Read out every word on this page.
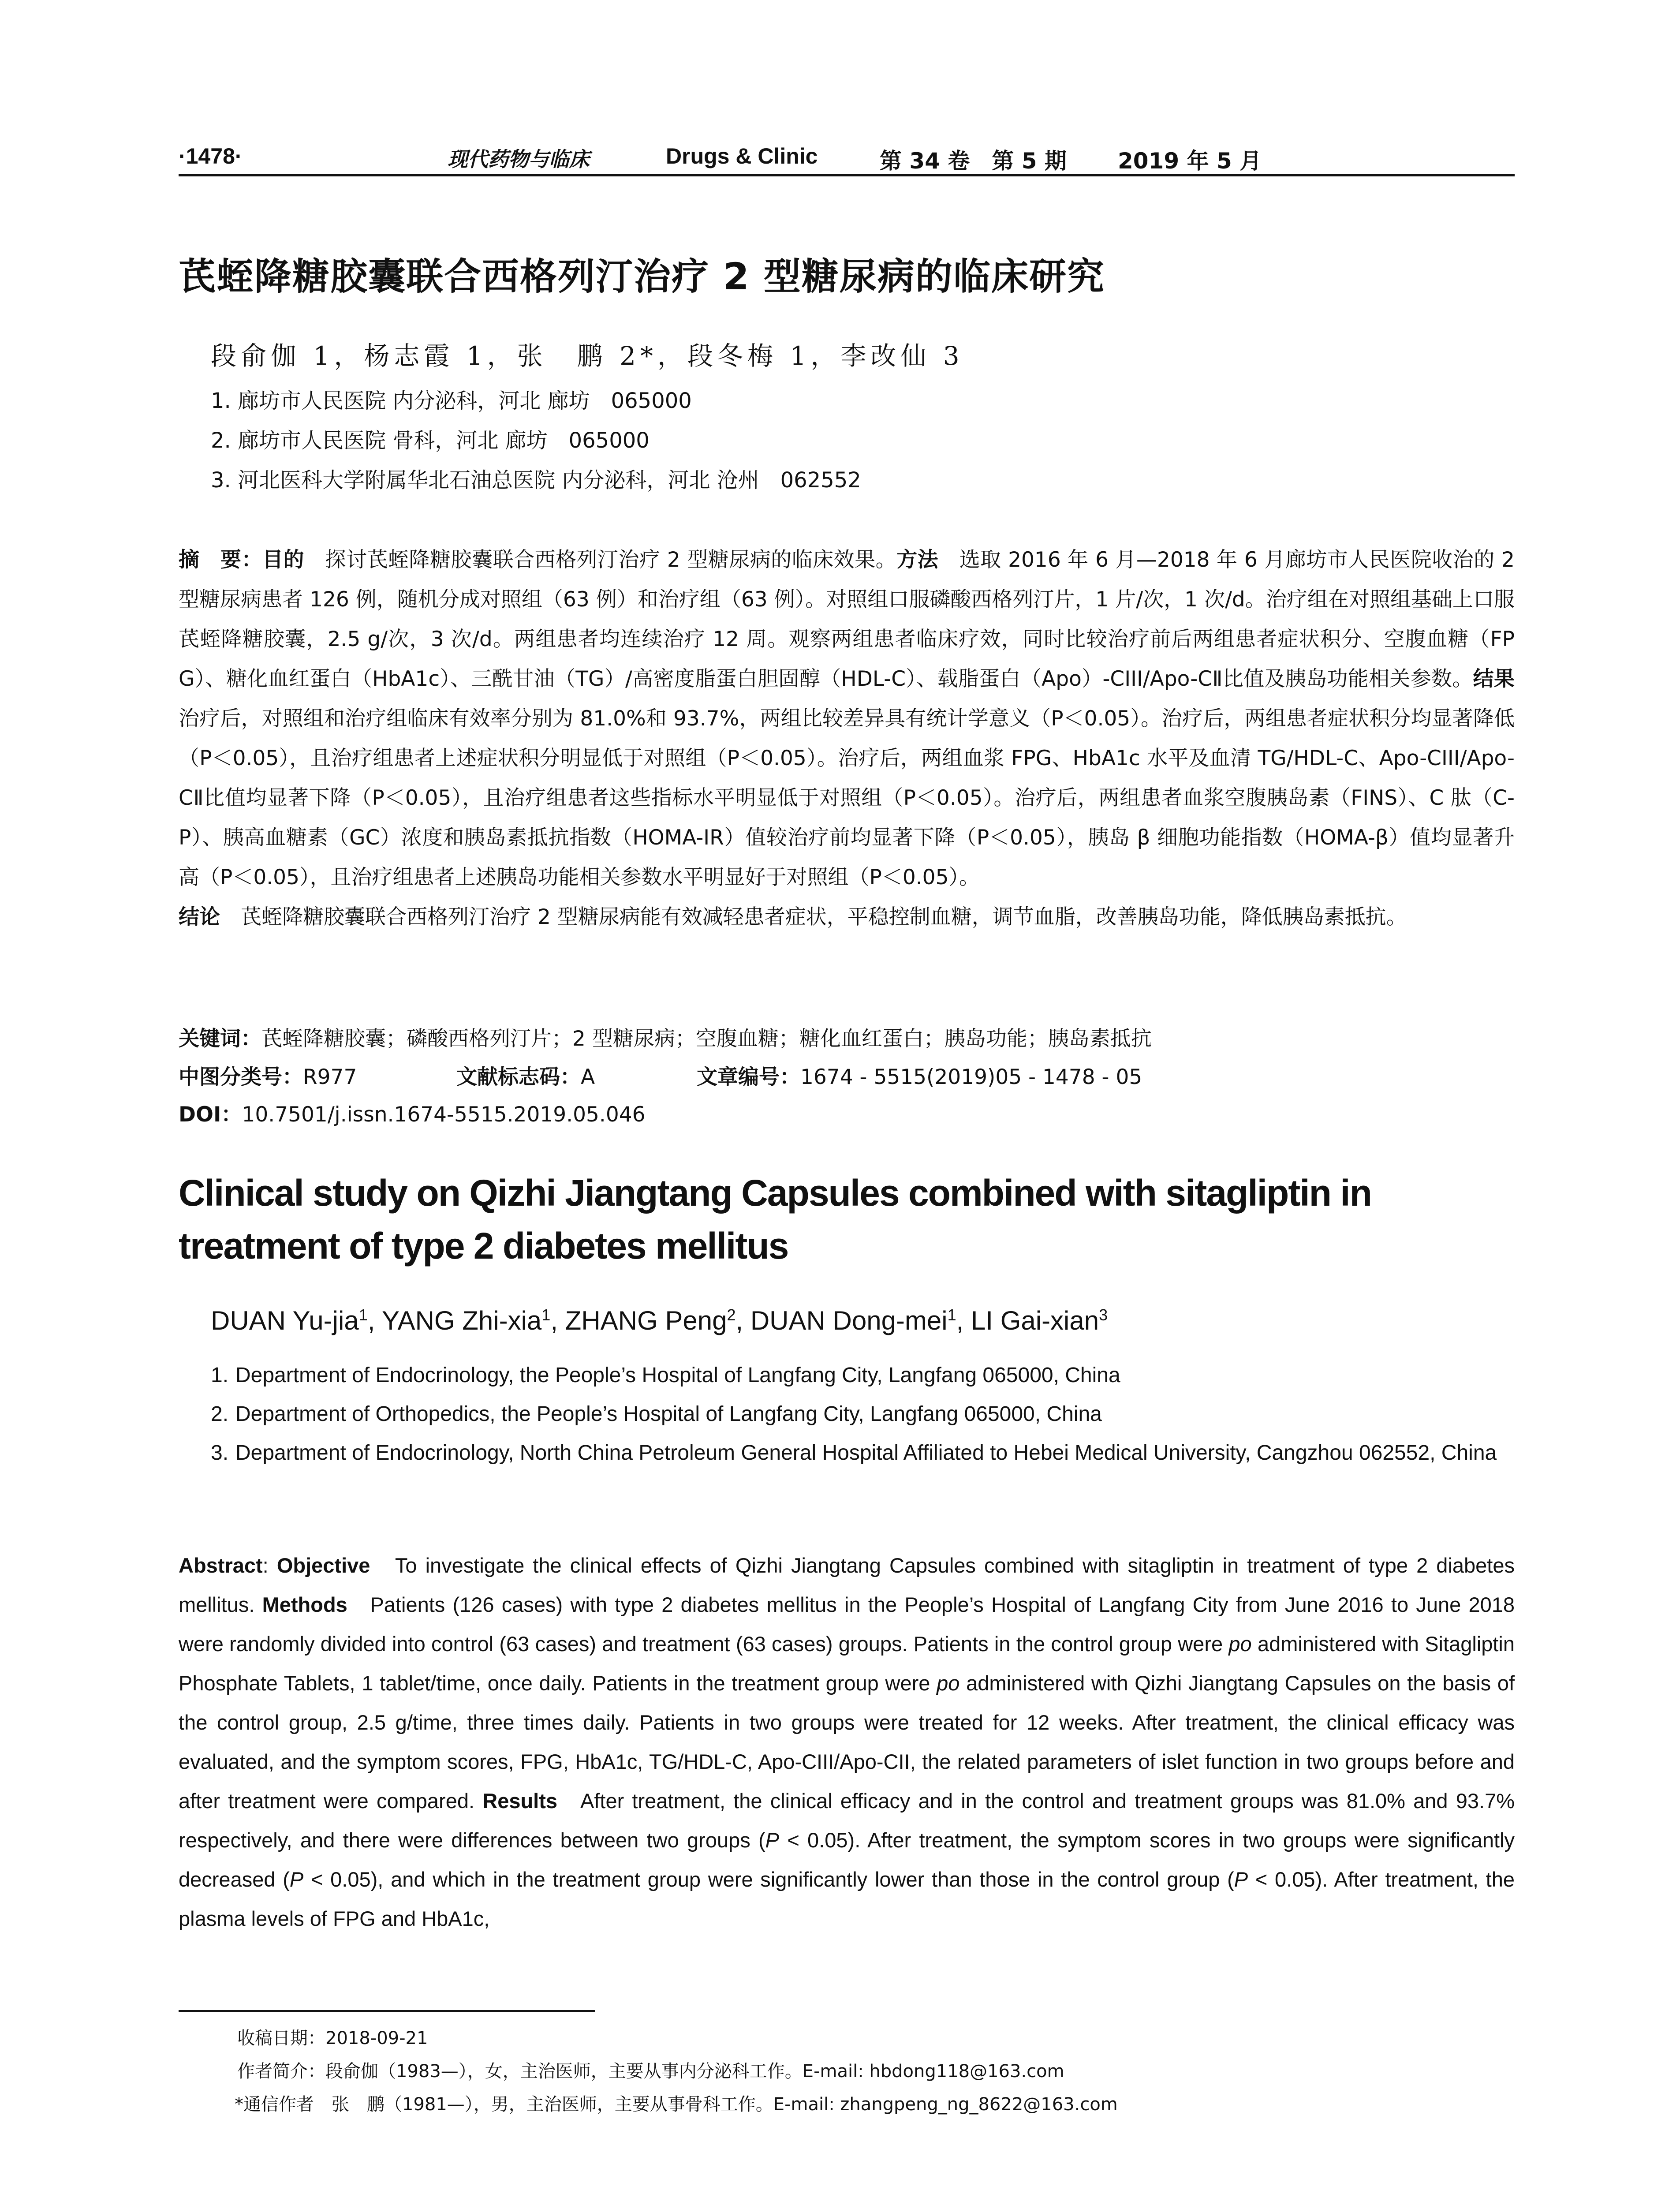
·1478·	现代药物与临床	Drugs & Clinic	第 34 卷　第 5 期 2019 年 5 月
芪蛭降糖胶囊联合西格列汀治疗 2 型糖尿病的临床研究
段俞伽 1，杨志霞 1，张　鹏 2*，段冬梅 1，李改仙 3
1. 廊坊市人民医院 内分泌科，河北 廊坊　065000
2. 廊坊市人民医院 骨科，河北 廊坊　065000
3. 河北医科大学附属华北石油总医院 内分泌科，河北 沧州　062552

摘　要：目的　 探讨芪蛭降糖胶囊联合西格列汀治疗 2 型糖尿病的临床效果。方法　 选取 2016 年 6 月—2018 年 6 月廊坊市人民医院收治的 2 型糖尿病患者 126 例，随机分成对照组（63 例）和治疗组（63 例）。对照组口服磷酸西格列汀片，1 片/次，1 次/d。治疗组在对照组基础上口服芪蛭降糖胶囊，2.5 g/次，3 次/d。两组患者均连续治疗 12 周。观察两组患者临床疗效，同时比较治疗前后两组患者症状积分、空腹血糖（FPG）、糖化血红蛋白（HbA1c）、三酰甘油（TG）/高密度脂蛋白胆固醇（HDL-C）、载脂蛋白（Apo）-CIII/Apo-CⅡ比值及胰岛功能相关参数。结果　治疗后，对照组和治疗组临床有效率分别为 81.0%和 93.7%，两组比较差异具有统计学意义（P＜0.05）。治疗后，两组患者症状积分均显著降低（P＜0.05），且治疗组患者上述症状积分明显低于对照组（P＜0.05）。治疗后，两组血浆 FPG、HbA1c 水平及血清 TG/HDL-C、Apo-CIII/Apo-CⅡ比值均显著下降（P＜0.05），且治疗组患者这些指标水平明显低于对照组（P＜0.05）。治疗后，两组患者血浆空腹胰岛素（FINS）、C 肽（C-P）、胰高血糖素（GC）浓度和胰岛素抵抗指数（HOMA-IR）值较治疗前均显著下降（P＜0.05），胰岛 β 细胞功能指数（HOMA-β）值均显著升高（P＜0.05），且治疗组患者上述胰岛功能相关参数水平明显好于对照组（P＜0.05）。

结论　 芪蛭降糖胶囊联合西格列汀治疗 2 型糖尿病能有效减轻患者症状，平稳控制血糖，调节血脂，改善胰岛功能，降低胰岛素抵抗。

关键词：芪蛭降糖胶囊；磷酸西格列汀片；2 型糖尿病；空腹血糖；糖化血红蛋白；胰岛功能；胰岛素抵抗
中图分类号：R977	文献标志码：A	文章编号：1674 - 5515(2019)05 - 1478 - 05
DOI：10.7501/j.issn.1674-5515.2019.05.046
Clinical study on Qizhi Jiangtang Capsules combined with sitagliptin in treatment of type 2 diabetes mellitus
DUAN Yu-jia$^1$, YANG Zhi-xia$^1$, ZHANG Peng$^2$, DUAN Dong-mei$^1$, LI Gai-xian$^3$
1. Department of Endocrinology, the People’s Hospital of Langfang City, Langfang 065000, China
2. Department of Orthopedics, the People’s Hospital of Langfang City, Langfang 065000, China
3. Department of Endocrinology, North China Petroleum General Hospital Affiliated to Hebei Medical University, Cangzhou 062552, China
Abstract: Objective To investigate the clinical effects of Qizhi Jiangtang Capsules combined with sitagliptin in treatment of type 2 diabetes mellitus. Methods Patients (126 cases) with type 2 diabetes mellitus in the People’s Hospital of Langfang City from June 2016 to June 2018 were randomly divided into control (63 cases) and treatment (63 cases) groups. Patients in the control group were po administered with Sitagliptin Phosphate Tablets, 1 tablet/time, once daily. Patients in the treatment group were po administered with Qizhi Jiangtang Capsules on the basis of the control group, 2.5 g/time, three times daily. Patients in two groups were treated for 12 weeks. After treatment, the clinical efficacy was evaluated, and the symptom scores, FPG, HbA1c, TG/HDL-C, Apo-CIII/Apo-CII, the related parameters of islet function in two groups before and after treatment were compared. Results After treatment, the clinical efficacy and in the control and treatment groups was 81.0% and 93.7% respectively, and there were differences between two groups (P < 0.05). After treatment, the symptom scores in two groups were significantly decreased (P < 0.05), and which in the treatment group were significantly lower than those in the control group (P < 0.05). After treatment, the plasma levels of FPG and HbA1c,
收稿日期：2018-09-21
作者简介：段俞伽（1983—），女，主治医师，主要从事内分泌科工作。E-mail: hbdong118@163.com
*通信作者　张　鹏（1981—），男，主治医师，主要从事骨科工作。E-mail: zhangpeng_ng_8622@163.com
